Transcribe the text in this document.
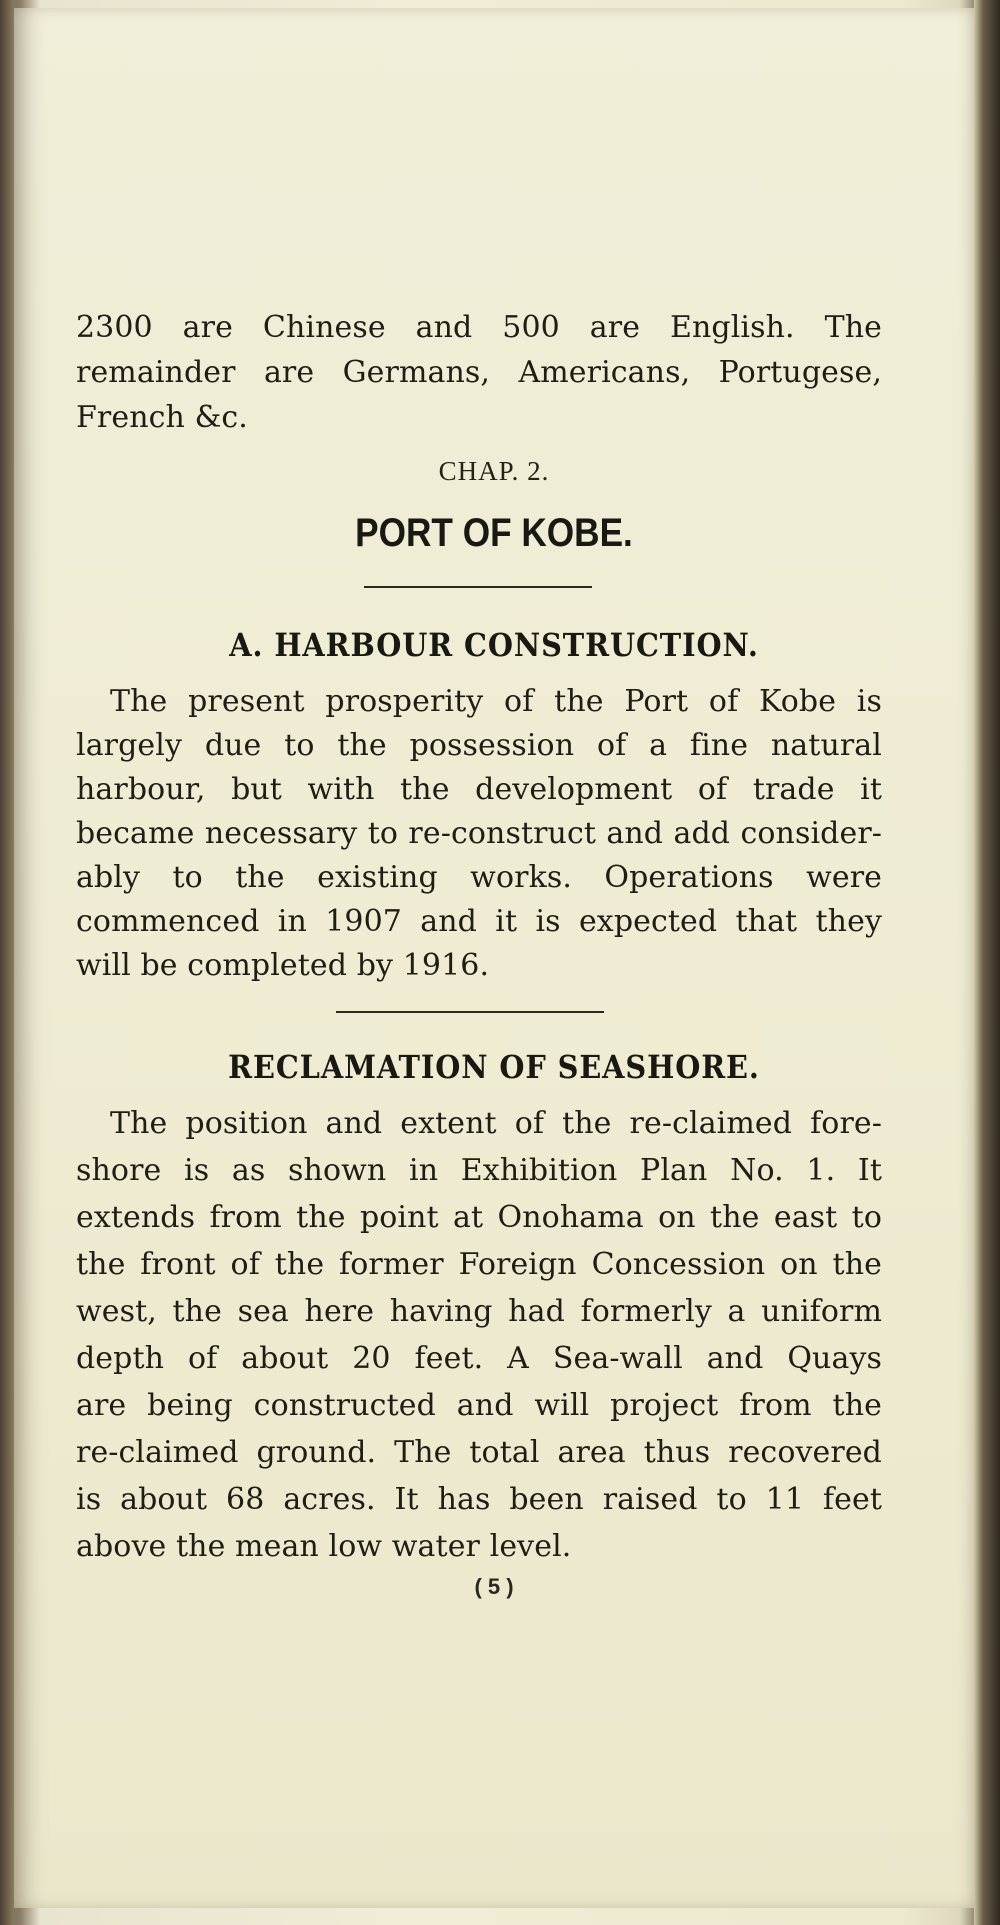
2300 are Chinese and 500 are English. The
remainder are Germans, Americans, Portugese,
French &c.
CHAP. 2.
PORT OF KOBE.
A. HARBOUR CONSTRUCTION.
The present prosperity of the Port of Kobe is
largely due to the possession of a fine natural
harbour, but with the development of trade it
became necessary to re-construct and add consider-
ably to the existing works. Operations were
commenced in 1907 and it is expected that they
will be completed by 1916.
RECLAMATION OF SEASHORE.
The position and extent of the re-claimed fore-
shore is as shown in Exhibition Plan No. 1. It
extends from the point at Onohama on the east to
the front of the former Foreign Concession on the
west, the sea here having had formerly a uniform
depth of about 20 feet. A Sea-wall and Quays
are being constructed and will project from the
re-claimed ground. The total area thus recovered
is about 68 acres. It has been raised to 11 feet
above the mean low water level.
( 5 )
